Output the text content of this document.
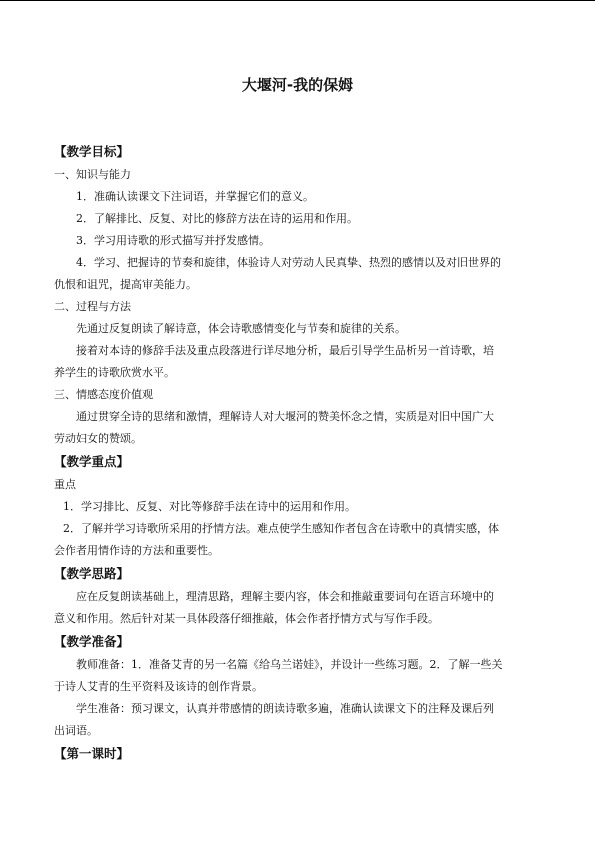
大堰河-我的保姆
【教学目标】
一、知识与能力
1．准确认读课文下注词语，并掌握它们的意义。
2．了解排比、反复、对比的修辞方法在诗的运用和作用。
3．学习用诗歌的形式描写并抒发感情。
4．学习、把握诗的节奏和旋律，体验诗人对劳动人民真挚、热烈的感情以及对旧世界的
仇恨和诅咒，提高审美能力。
二、过程与方法
先通过反复朗读了解诗意，体会诗歌感情变化与节奏和旋律的关系。
接着对本诗的修辞手法及重点段落进行详尽地分析，最后引导学生品析另一首诗歌，培
养学生的诗歌欣赏水平。
三、情感态度价值观
通过贯穿全诗的思绪和激情，理解诗人对大堰河的赞美怀念之情，实质是对旧中国广大
劳动妇女的赞颂。
【教学重点】
重点
1．学习排比、反复、对比等修辞手法在诗中的运用和作用。
2．了解并学习诗歌所采用的抒情方法。难点使学生感知作者包含在诗歌中的真情实感，体
会作者用情作诗的方法和重要性。
【教学思路】
应在反复朗读基础上，理清思路，理解主要内容，体会和推敲重要词句在语言环境中的
意义和作用。然后针对某一具体段落仔细推敲，体会作者抒情方式与写作手段。
【教学准备】
教师准备：1．准备艾青的另一名篇《给乌兰诺娃》，并设计一些练习题。2．了解一些关
于诗人艾青的生平资料及该诗的创作背景。
学生准备：预习课文，认真并带感情的朗读诗歌多遍，准确认读课文下的注释及课后列
出词语。
【第一课时】
